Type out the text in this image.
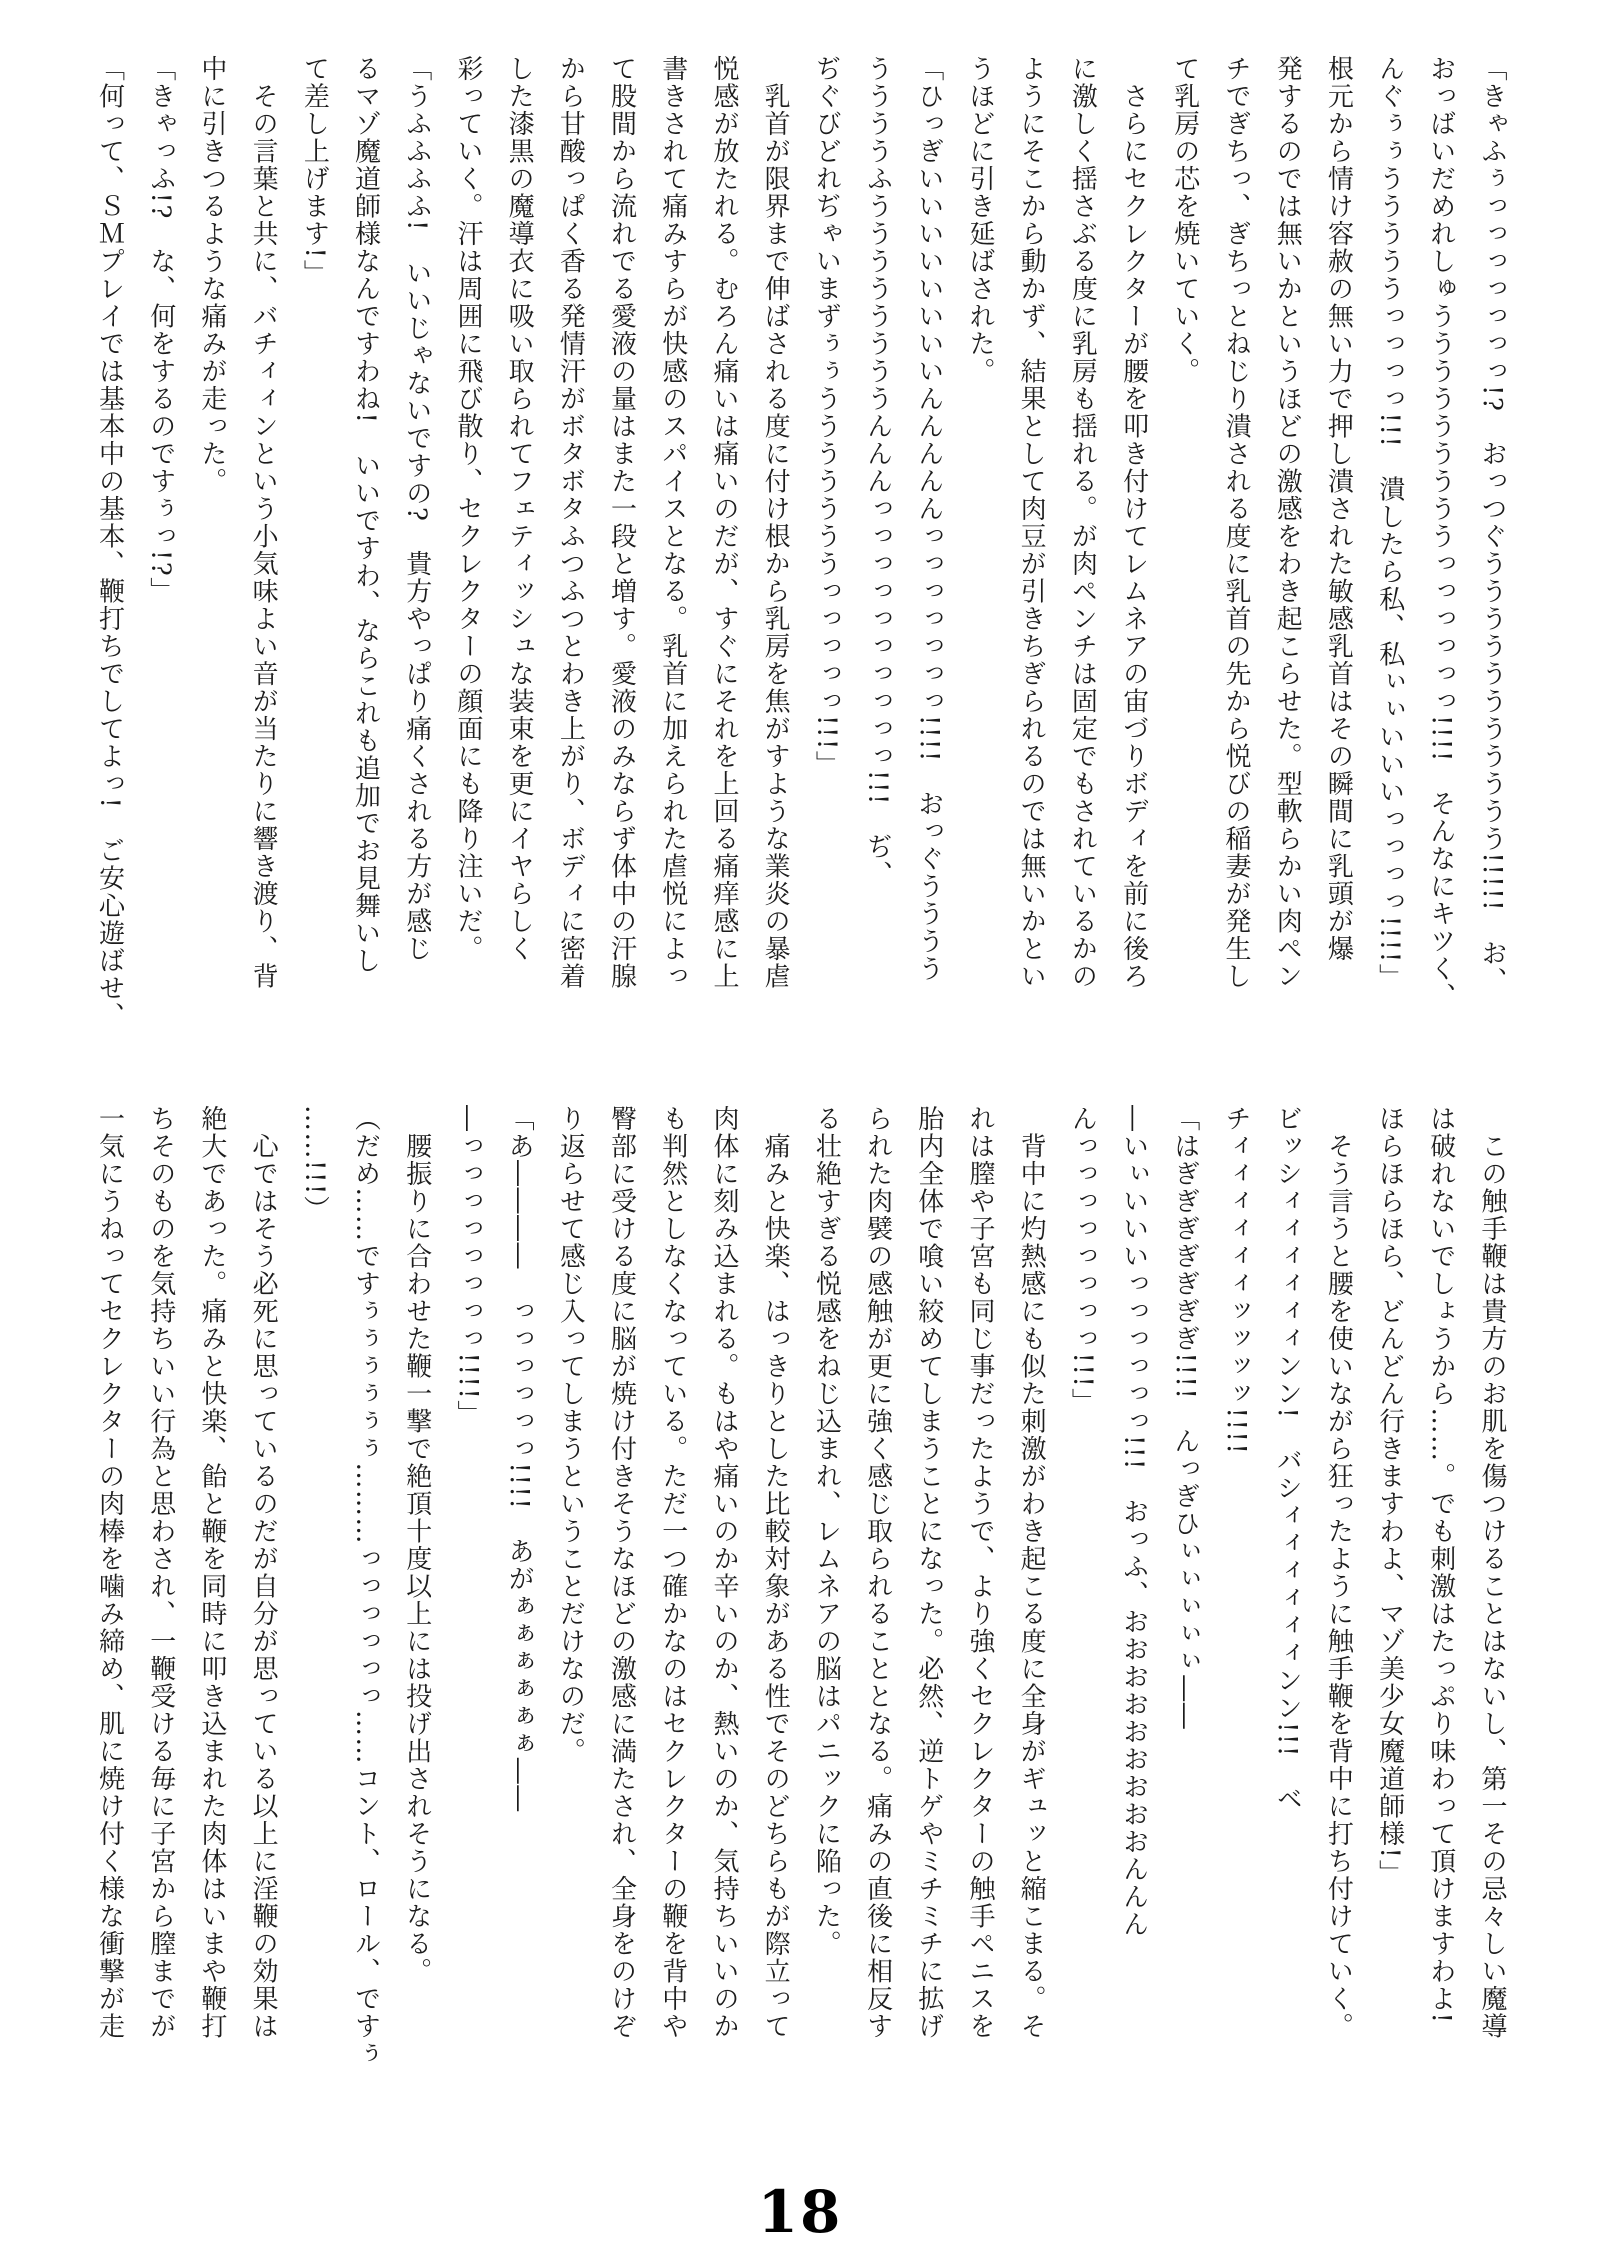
「きゃふぅっっっっっっっ!?　おっつぐううううううううううう!!!!!　お、

おっばいだめれしゅうううううううううっっっっっっ!!!!　そんなにキツく、

んぐぅぅうううううっっっっ!!!　潰したら私、私ぃぃいいいっっっっ!!!!」

根元から情け容赦の無い力で押し潰された敏感乳首はその瞬間に乳頭が爆

発するのでは無いかというほどの激感をわき起こらせた。型軟らかい肉ペン

チでぎちっ、ぎちっとねじり潰される度に乳首の先から悦びの稲妻が発生し

て乳房の芯を焼いていく。

　さらにセクレクターが腰を叩き付けてレムネアの宙づりボディを前に後ろ

に激しく揺さぶる度に乳房も揺れる。が肉ペンチは固定でもされているかの

ようにそこから動かず、結果として肉豆が引きちぎられるのでは無いかとい

うほどに引き延ばされた。

「ひっぎいいいいいいいいんんんんんっっっっっっっ!!!!　おっぐうううう

ううううふううううううううんんんっっっっっっっっっっ!!!　ぢ、

ぢぐびどれぢゃいまずぅぅうううううううっっっっっ!!!」

　乳首が限界まで伸ばされる度に付け根から乳房を焦がすような業炎の暴虐

悦感が放たれる。むろん痛いは痛いのだが、すぐにそれを上回る痛痒感に上

書きされて痛みすらが快感のスパイスとなる。乳首に加えられた虐悦によっ

て股間から流れでる愛液の量はまた一段と増す。愛液のみならず体中の汗腺

から甘酸っぱく香る発情汗がボタボタふつふつとわき上がり、ボディに密着

した漆黒の魔導衣に吸い取られてフェティッシュな装束を更にイヤらしく

彩っていく。汗は周囲に飛び散り、セクレクターの顔面にも降り注いだ。

「うふふふふ!　いいじゃないですの?　貴方やっぱり痛くされる方が感じ

るマゾ魔道師様なんですわね!　いいですわ、ならこれも追加でお見舞いし

て差し上げます!」

　その言葉と共に、バチィィンという小気味よい音が当たりに響き渡り、背

中に引きつるような痛みが走った。

「きゃっふ!?　な、何をするのですぅっ!?」

「何って、ＳＭプレイでは基本中の基本、鞭打ちでしてよっ!　ご安心遊ばせ、

　この触手鞭は貴方のお肌を傷つけることはないし、第一その忌々しい魔導

は破れないでしょうから……。でも刺激はたっぷり味わって頂けますわよ!

ほらほらほら、どんどん行きますわよ、マゾ美少女魔道師様!」

　そう言うと腰を使いながら狂ったように触手鞭を背中に打ち付けていく。

ビッシィィィィィィンン!　バシィィィィィィンン!!!　ベ

チィィィィィィッッッッ!!!!

「はぎぎぎぎぎぎぎ!!!!　んっぎひぃぃぃぃぃ――

―いぃいいいっっっっっっ!!!　おっふ、おおおおおおおおおんんん

んっっっっっっっっ!!!」

　背中に灼熱感にも似た刺激がわき起こる度に全身がギュッと縮こまる。そ

れは膣や子宮も同じ事だったようで、より強くセクレクターの触手ペニスを

胎内全体で喰い絞めてしまうことになった。必然、逆トゲやミチミチに拡げ

られた肉襞の感触が更に強く感じ取られることとなる。痛みの直後に相反す

る壮絶すぎる悦感をねじ込まれ、レムネアの脳はパニックに陥った。

　痛みと快楽、はっきりとした比較対象がある性でそのどちらもが際立って

肉体に刻み込まれる。もはや痛いのか辛いのか、熱いのか、気持ちいいのか

も判然としなくなっている。ただ一つ確かなのはセクレクターの鞭を背中や

臀部に受ける度に脳が焼け付きそうなほどの激感に満たされ、全身をのけぞ

り返らせて感じ入ってしまうということだけなのだ。

「あ――――　っっっっっっ!!!!　あがぁぁぁぁぁぁ――

―っっっっっっっっ!!!!」

　腰振りに合わせた鞭一撃で絶頂十度以上には投げ出されそうになる。

（だめ……ですぅぅぅぅぅぅ………っっっっっっ……コント、ロール、ですぅ

……!!!）

　心ではそう必死に思っているのだが自分が思っている以上に淫鞭の効果は

絶大であった。痛みと快楽、飴と鞭を同時に叩き込まれた肉体はいまや鞭打

ちそのものを気持ちいい行為と思わされ、一鞭受ける毎に子宮から膣までが

一気にうねってセクレクターの肉棒を噛み締め、肌に焼け付く様な衝撃が走

18
